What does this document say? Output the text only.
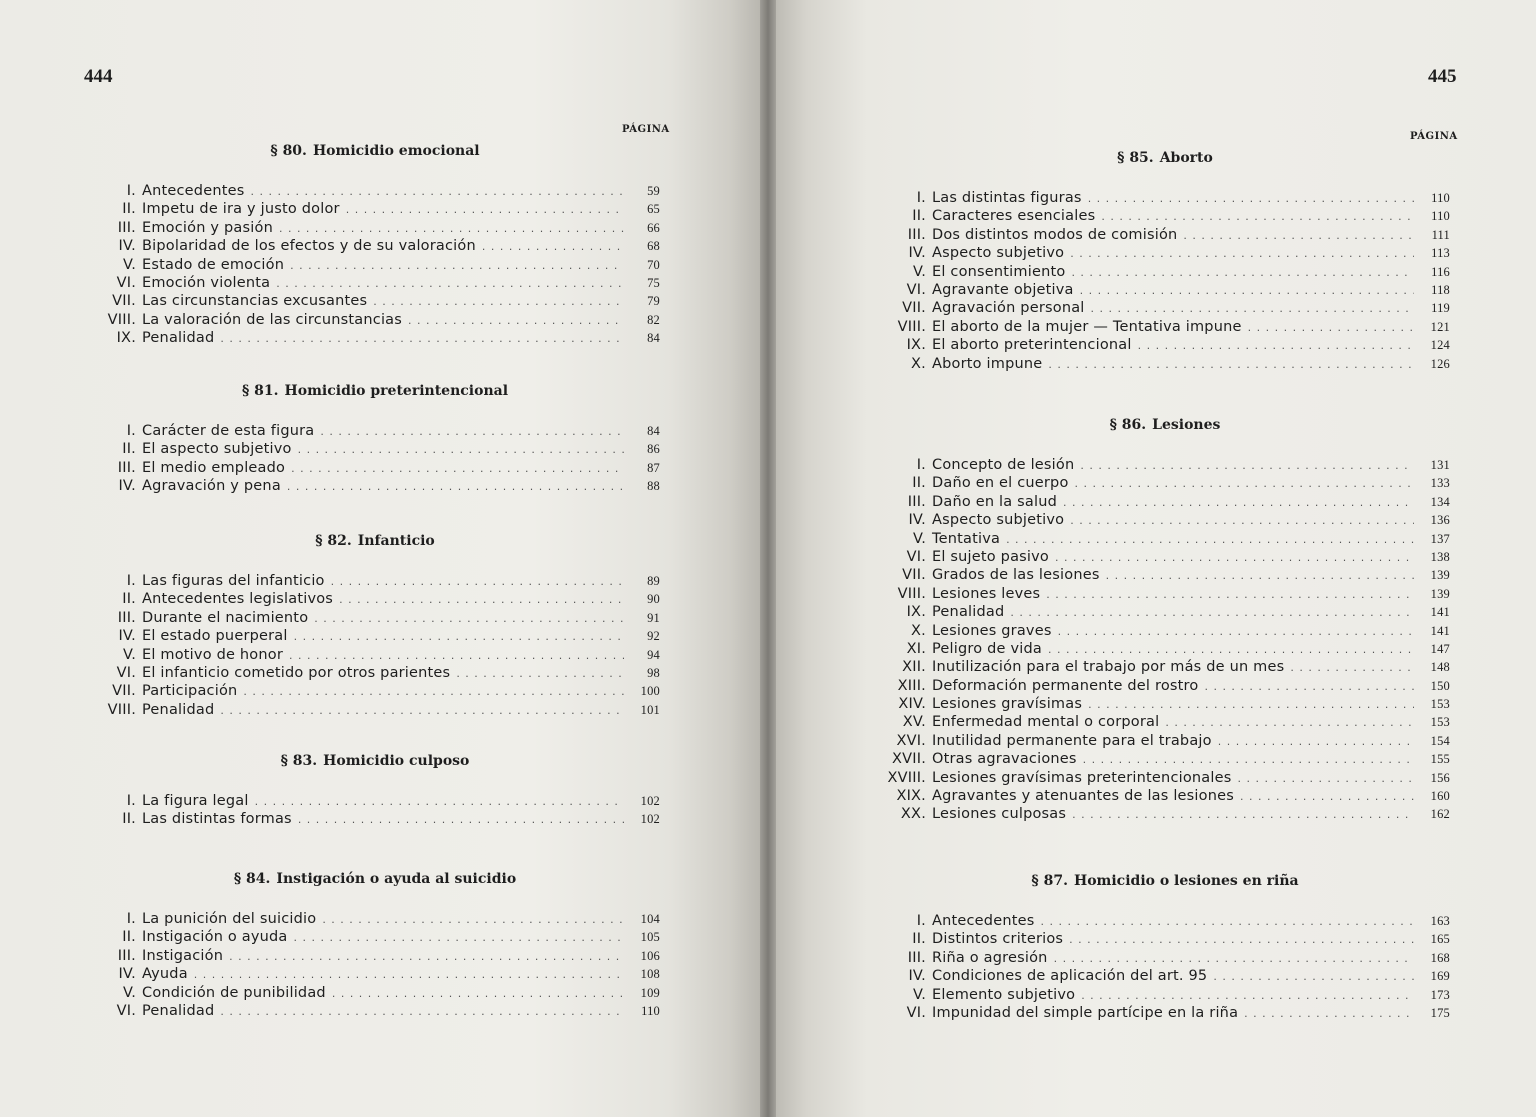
444
PÁGINA
§ 80. Homicidio emocional
I. Antecedentes . . .	59
II. Impetu de ira y justo dolor . . .	65
III. Emoción y pasión . . .	66
IV. Bipolaridad de los efectos y de su valoración . . .	68
V. Estado de emoción . . .	70
VI. Emoción violenta . . .	75
VII. Las circunstancias excusantes . . .	79
VIII. La valoración de las circunstancias . . .	82
IX. Penalidad . . .	84
§ 81. Homicidio preterintencional
I. Carácter de esta figura . . .	84
II. El aspecto subjetivo . . .	86
III. El medio empleado . . .	87
IV. Agravación y pena . . .	88
§ 82. Infanticio
I. Las figuras del infanticio . . .	89
II. Antecedentes legislativos . . .	90
III. Durante el nacimiento . . .	91
IV. El estado puerperal . . .	92
V. El motivo de honor . . .	94
VI. El infanticio cometido por otros parientes . . .	98
VII. Participación . . .	100
VIII. Penalidad . . .	101
§ 83. Homicidio culposo
I. La figura legal . . .	102
II. Las distintas formas . . .	102
§ 84. Instigación o ayuda al suicidio
I. La punición del suicidio . . .	104
II. Instigación o ayuda . . .	105
III. Instigación . . .	106
IV. Ayuda . . .	108
V. Condición de punibilidad . . .	109
VI. Penalidad . . .	110
445
PÁGINA
§ 85. Aborto
I. Las distintas figuras . . .	110
II. Caracteres esenciales . . .	110
III. Dos distintos modos de comisión . . .	111
IV. Aspecto subjetivo . . .	113
V. El consentimiento . . .	116
VI. Agravante objetiva . . .	118
VII. Agravación personal . . .	119
VIII. El aborto de la mujer — Tentativa impune . . .	121
IX. El aborto preterintencional . . .	124
X. Aborto impune . . .	126
§ 86. Lesiones
I. Concepto de lesión . . .	131
II. Daño en el cuerpo . . .	133
III. Daño en la salud . . .	134
IV. Aspecto subjetivo . . .	136
V. Tentativa . . .	137
VI. El sujeto pasivo . . .	138
VII. Grados de las lesiones . . .	139
VIII. Lesiones leves . . .	139
IX. Penalidad . . .	141
X. Lesiones graves . . .	141
XI. Peligro de vida . . .	147
XII. Inutilización para el trabajo por más de un mes . . .	148
XIII. Deformación permanente del rostro . . .	150
XIV. Lesiones gravísimas . . .	153
XV. Enfermedad mental o corporal . . .	153
XVI. Inutilidad permanente para el trabajo . . .	154
XVII. Otras agravaciones . . .	155
XVIII. Lesiones gravísimas preterintencionales . . .	156
XIX. Agravantes y atenuantes de las lesiones . . .	160
XX. Lesiones culposas . . .	162
§ 87. Homicidio o lesiones en riña
I. Antecedentes . . .	163
II. Distintos criterios . . .	165
III. Riña o agresión . . .	168
IV. Condiciones de aplicación del art. 95 . . .	169
V. Elemento subjetivo . . .	173
VI. Impunidad del simple partícipe en la riña . . .	175
